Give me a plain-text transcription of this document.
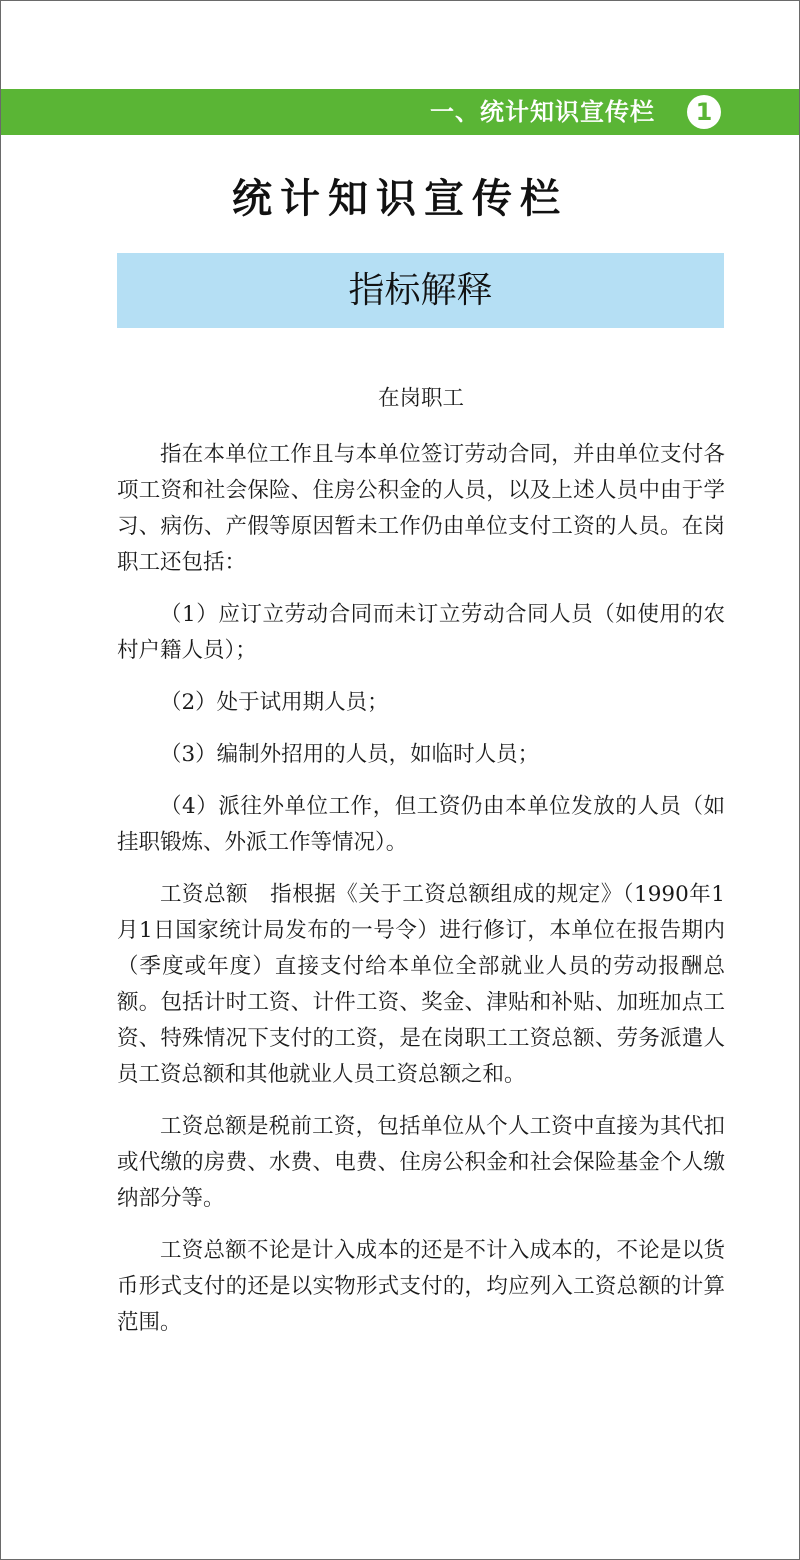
一、统计知识宣传栏	1
统计知识宣传栏
指标解释

在岗职工

指在本单位工作且与本单位签订劳动合同，并由单位支付各项工资和社会保险、住房公积金的人员，以及上述人员中由于学习、病伤、产假等原因暂未工作仍由单位支付工资的人员。在岗职工还包括：

（1）应订立劳动合同而未订立劳动合同人员（如使用的农村户籍人员）；

（2）处于试用期人员；

（3）编制外招用的人员，如临时人员；

（4）派往外单位工作，但工资仍由本单位发放的人员（如挂职锻炼、外派工作等情况）。

工资总额　指根据《关于工资总额组成的规定》（1990年1月1日国家统计局发布的一号令）进行修订，本单位在报告期内（季度或年度）直接支付给本单位全部就业人员的劳动报酬总额。包括计时工资、计件工资、奖金、津贴和补贴、加班加点工资、特殊情况下支付的工资，是在岗职工工资总额、劳务派遣人员工资总额和其他就业人员工资总额之和。

工资总额是税前工资，包括单位从个人工资中直接为其代扣或代缴的房费、水费、电费、住房公积金和社会保险基金个人缴纳部分等。

工资总额不论是计入成本的还是不计入成本的，不论是以货币形式支付的还是以实物形式支付的，均应列入工资总额的计算范围。
